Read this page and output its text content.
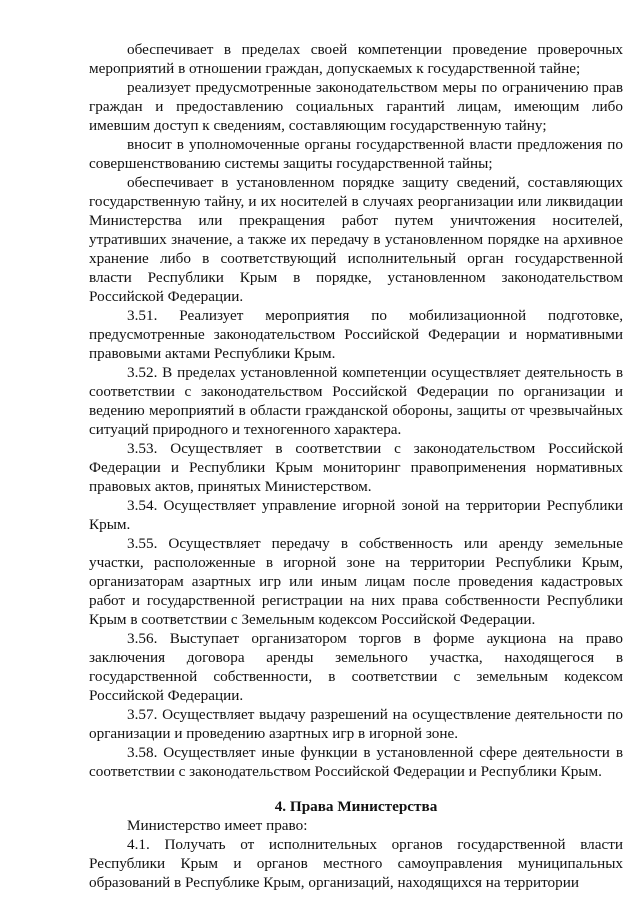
обеспечивает в пределах своей компетенции проведение проверочных мероприятий в отношении граждан, допускаемых к государственной тайне;

реализует предусмотренные законодательством меры по ограничению прав граждан и предоставлению социальных гарантий лицам, имеющим либо имевшим доступ к сведениям, составляющим государственную тайну;

вносит в уполномоченные органы государственной власти предложения по совершенствованию системы защиты государственной тайны;

обеспечивает в установленном порядке защиту сведений, составляющих государственную тайну, и их носителей в случаях реорганизации или ликвидации Министерства или прекращения работ путем уничтожения носителей, утративших значение, а также их передачу в установленном порядке на архивное хранение либо в соответствующий исполнительный орган государственной власти Республики Крым в порядке, установленном законодательством Российской Федерации.

3.51. Реализует мероприятия по мобилизационной подготовке, предусмотренные законодательством Российской Федерации и нормативными правовыми актами Республики Крым.

3.52. В пределах установленной компетенции осуществляет деятельность в соответствии с законодательством Российской Федерации по организации и ведению мероприятий в области гражданской обороны, защиты от чрезвычайных ситуаций природного и техногенного характера.

3.53. Осуществляет в соответствии с законодательством Российской Федерации и Республики Крым мониторинг правоприменения нормативных правовых актов, принятых Министерством.

3.54. Осуществляет управление игорной зоной на территории Республики Крым.

3.55. Осуществляет передачу в собственность или аренду земельные участки, расположенные в игорной зоне на территории Республики Крым, организаторам азартных игр или иным лицам после проведения кадастровых работ и государственной регистрации на них права собственности Республики Крым в соответствии с Земельным кодексом Российской Федерации.

3.56. Выступает организатором торгов в форме аукциона на право заключения договора аренды земельного участка, находящегося в государственной собственности, в соответствии с земельным кодексом Российской Федерации.

3.57. Осуществляет выдачу разрешений на осуществление деятельности по организации и проведению азартных игр в игорной зоне.

3.58. Осуществляет иные функции в установленной сфере деятельности в соответствии с законодательством Российской Федерации и Республики Крым.

4. Права Министерства

Министерство имеет право:

4.1. Получать от исполнительных органов государственной власти Республики Крым и органов местного самоуправления муниципальных образований в Республике Крым, организаций, находящихся на территории
